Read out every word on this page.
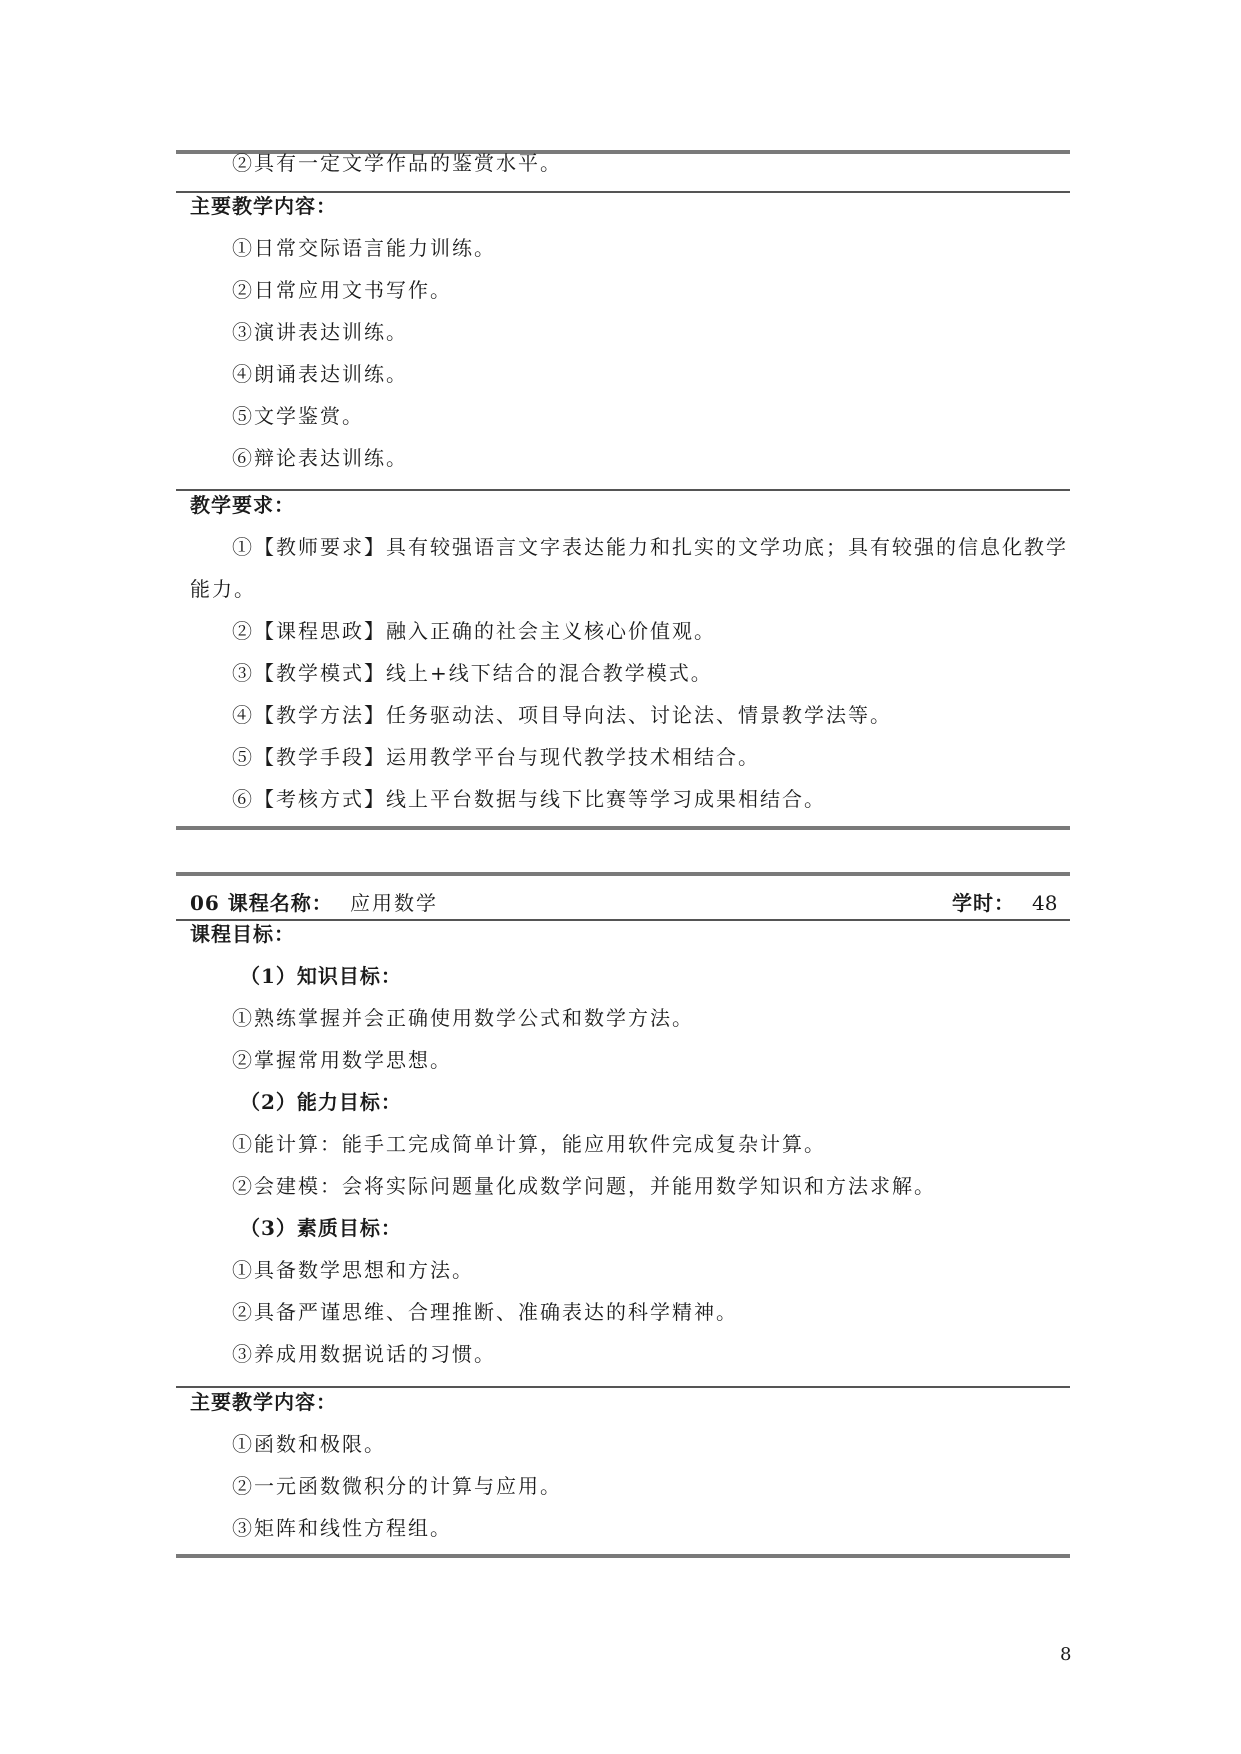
②具有一定文学作品的鉴赏水平。
主要教学内容：
①日常交际语言能力训练。
②日常应用文书写作。
③演讲表达训练。
④朗诵表达训练。
⑤文学鉴赏。
⑥辩论表达训练。
教学要求：
①【教师要求】具有较强语言文字表达能力和扎实的文学功底；具有较强的信息化教学
能力。
②【课程思政】融入正确的社会主义核心价值观。
③【教学模式】线上+线下结合的混合教学模式。
④【教学方法】任务驱动法、项目导向法、讨论法、情景教学法等。
⑤【教学手段】运用教学平台与现代教学技术相结合。
⑥【考核方式】线上平台数据与线下比赛等学习成果相结合。
06 课程名称： 应用数学	学时： 48
课程目标：
（1）知识目标：
①熟练掌握并会正确使用数学公式和数学方法。
②掌握常用数学思想。
（2）能力目标：
①能计算：能手工完成简单计算，能应用软件完成复杂计算。
②会建模：会将实际问题量化成数学问题，并能用数学知识和方法求解。
（3）素质目标：
①具备数学思想和方法。
②具备严谨思维、合理推断、准确表达的科学精神。
③养成用数据说话的习惯。
主要教学内容：
①函数和极限。
②一元函数微积分的计算与应用。
③矩阵和线性方程组。
8
